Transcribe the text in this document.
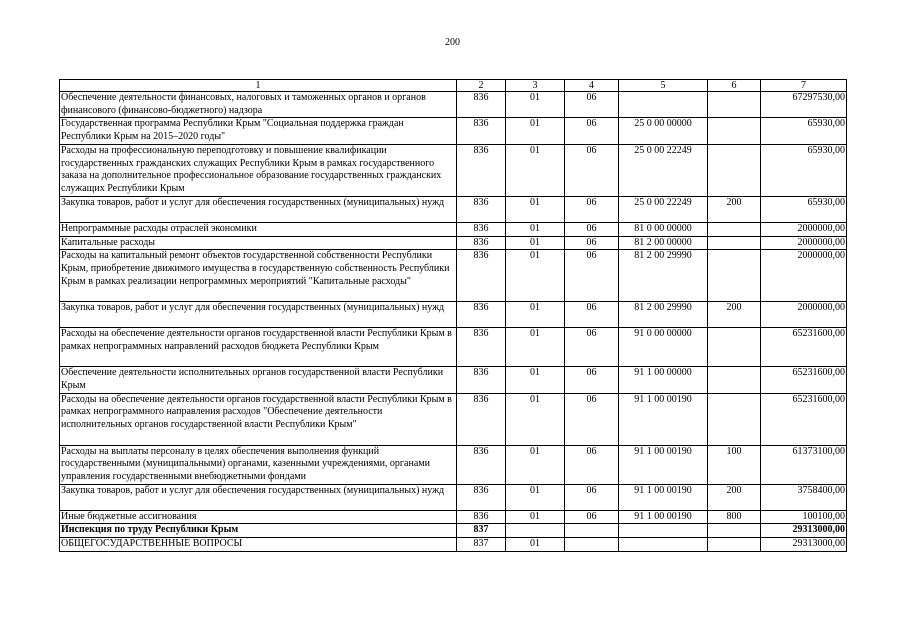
200
1	2	3	4	5	6	7
Обеспечение деятельности финансовых, налоговых и таможенных органов и органов финансового (финансово-бюджетного) надзора	836	01	06			67297530,00
Государственная программа Республики Крым "Социальная поддержка граждан Республики Крым на 2015–2020 годы"	836	01	06	25 0 00 00000		65930,00
Расходы на профессиональную переподготовку и повышение квалификации государственных гражданских служащих Республики Крым в рамках государственного заказа на дополнительное профессиональное образование государственных гражданских служащих Республики Крым	836	01	06	25 0 00 22249		65930,00
Закупка товаров, работ и услуг для обеспечения государственных (муниципальных) нужд	836	01	06	25 0 00 22249	200	65930,00
Непрограммные расходы отраслей экономики	836	01	06	81 0 00 00000		2000000,00
Капитальные расходы	836	01	06	81 2 00 00000		2000000,00
Расходы на капитальный ремонт объектов государственной собственности Республики Крым, приобретение движимого имущества в государственную собственность Республики Крым в рамках реализации непрограммных мероприятий "Капитальные расходы"	836	01	06	81 2 00 29990		2000000,00
Закупка товаров, работ и услуг для обеспечения государственных (муниципальных) нужд	836	01	06	81 2 00 29990	200	2000000,00
Расходы на обеспечение деятельности органов государственной власти Республики Крым в рамках непрограммных направлений расходов бюджета Республики Крым	836	01	06	91 0 00 00000		65231600,00
Обеспечение деятельности исполнительных органов государственной власти Республики Крым	836	01	06	91 1 00 00000		65231600,00
Расходы на обеспечение деятельности органов государственной власти Республики Крым в рамках непрограммного направления расходов "Обеспечение деятельности исполнительных органов государственной власти Республики Крым"	836	01	06	91 1 00 00190		65231600,00
Расходы на выплаты персоналу в целях обеспечения выполнения функций государственными (муниципальными) органами, казенными учреждениями, органами управления государственными внебюджетными фондами	836	01	06	91 1 00 00190	100	61373100,00
Закупка товаров, работ и услуг для обеспечения государственных (муниципальных) нужд	836	01	06	91 1 00 00190	200	3758400,00
Иные бюджетные ассигнования	836	01	06	91 1 00 00190	800	100100,00
Инспекция по труду Республики Крым	837					29313000,00
ОБЩЕГОСУДАРСТВЕННЫЕ ВОПРОСЫ	837	01				29313000,00
